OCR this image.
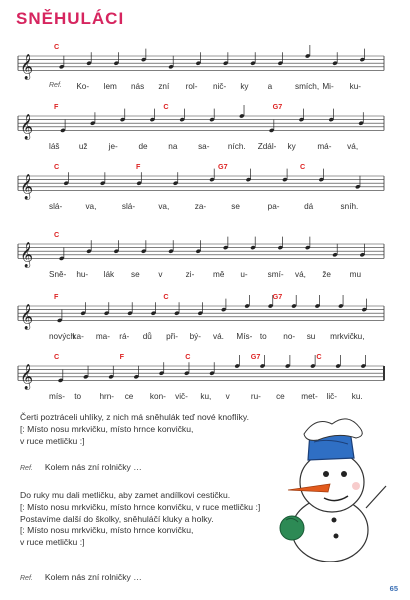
SNĚHULÁCI
𝄞
C
Ref. Ko- lem nás zní rol- nič- ky a	smích, Mi- ku-
𝄞
F	C	G7
láš už	je-	de	na	sa- ních. Zdál- ky	má- vá,
𝄞
C	F	G7	C
slá-	va,	slá-	va,	za-	se	pa-	dá	sníh.
𝄞
C
Sně- hu- lák se v	zi- mě u- smí- vá, že mu
𝄞
F	C	G7
nových
ka- ma- rá- dů při- bý- vá. Mís- to no- su mrkvič-
ku,
𝄞
C	F	C	G7	C
mís- to hrn- ce kon- vič- ku, v	ru- ce met- lič- ku.

Čerti poztráceli uhlíky, z nich má sněhulák teď nové knoflíky.

[: Místo nosu mrkvičku, místo hrnce konvičku,

v ruce metličku :]

Ref. Kolem nás zní rolničky …

Do ruky mu dali metličku, aby zamet andílkovi cestičku.

[: Místo nosu mrkvičku, místo hrnce konvičku, v ruce metličku :]

Postavíme další do školky, sněhuláčí kluky a holky.

[: Místo nosu mrkvičku, místo hrnce konvičku,

v ruce metličku :]

Ref. Kolem nás zní rolničky …

65
